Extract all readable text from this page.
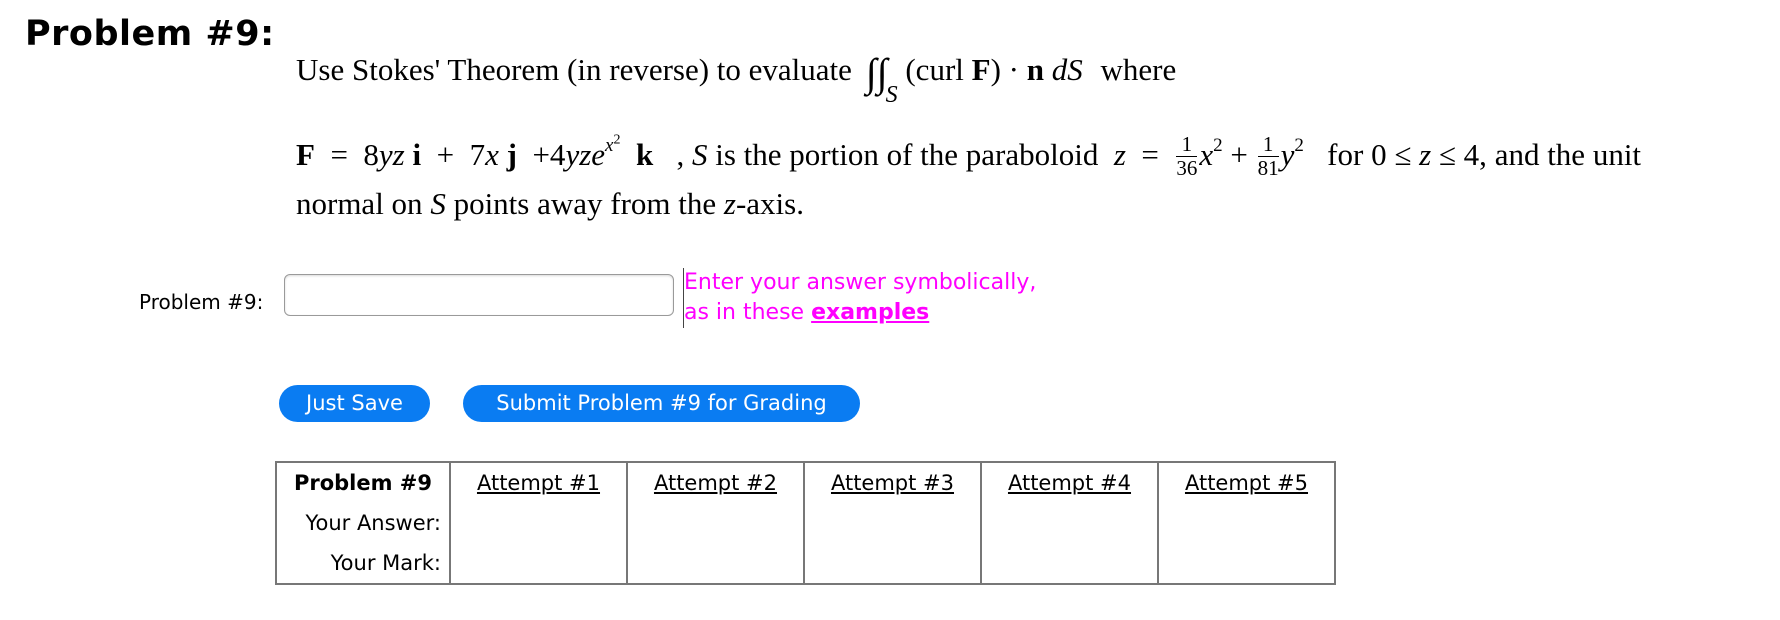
Problem #9:
Use Stokes' Theorem (in reverse) to evaluate $\int\int_S$ (curl F) · n dS where
F  =  8yz i  +  7x j  +4yze$^{x^2}$ k   , S is the portion of the paraboloid $z = \frac{1}{36} x^2 + \frac{1}{81} y^2$   for 0 ≤ z ≤ 4, and the unit
normal on S points away from the z-axis.
Problem #9:
Enter your answer symbolically,
as in these examples
Just Save	Submit Problem #9 for Grading
Problem #9	Attempt #1	Attempt #2	Attempt #3	Attempt #4	Attempt #5
Your Answer:					
Your Mark:					
